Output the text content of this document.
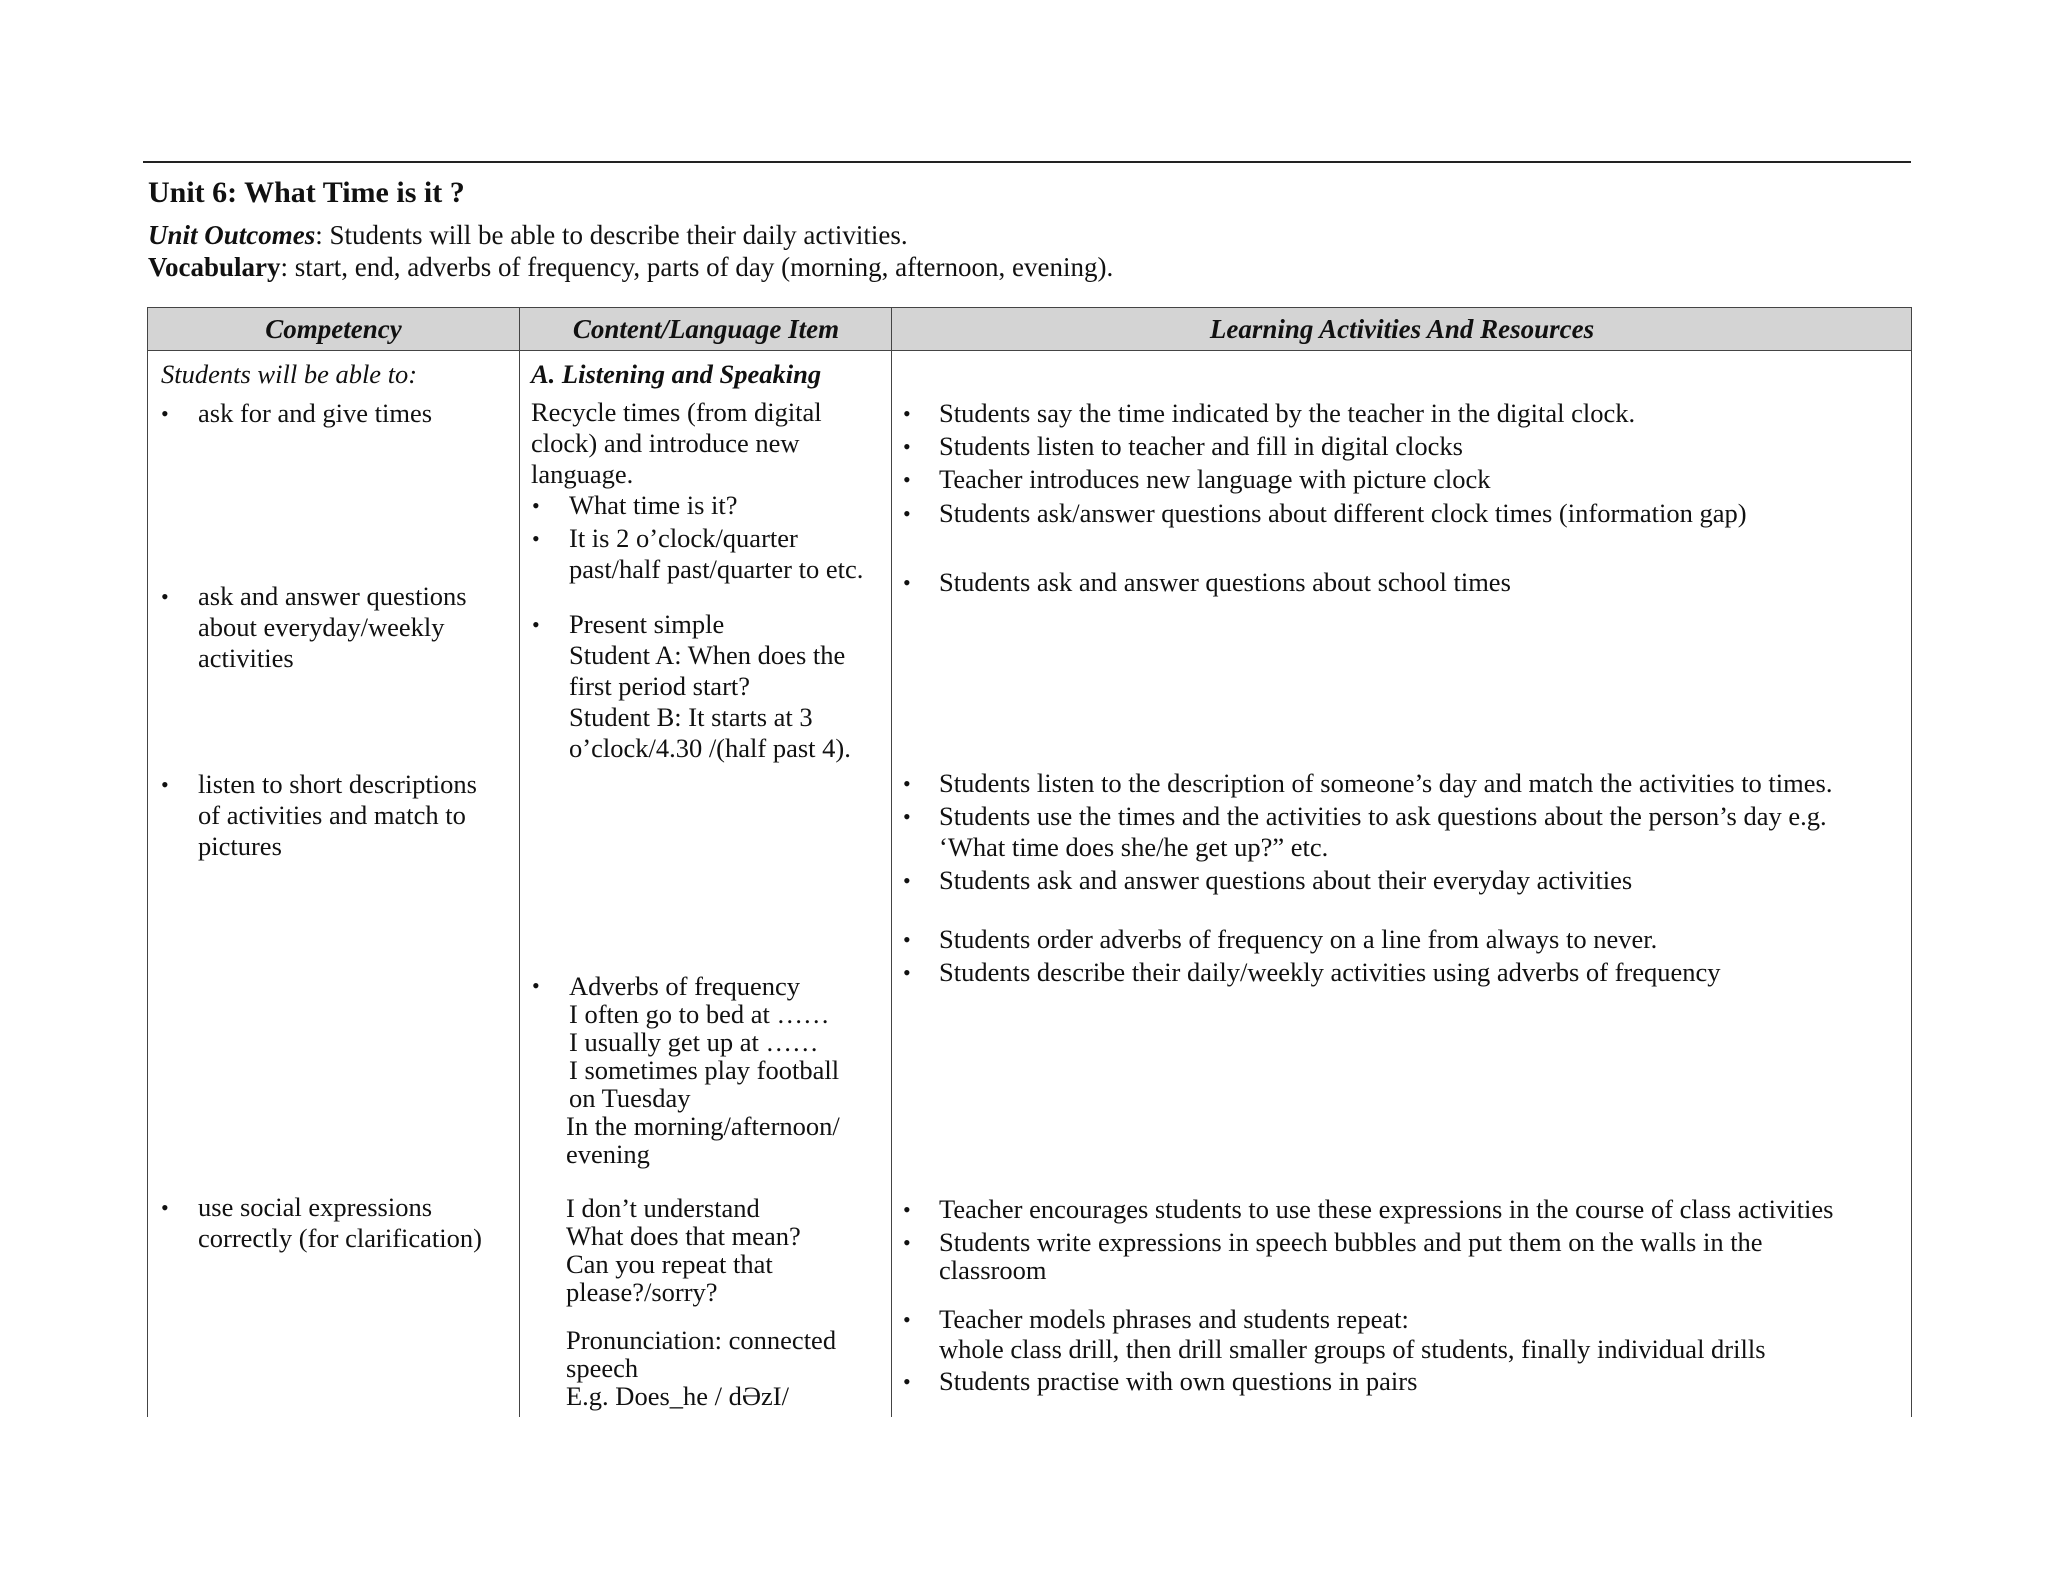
Unit 6: What Time is it ?
Unit Outcomes: Students will be able to describe their daily activities.
Vocabulary: start, end, adverbs of frequency, parts of day (morning, afternoon, evening).
Competency	Content/Language Item	Learning Activities And Resources
Students will be able to:
• ask for and give times
• ask and answer questions
about everyday/weekly
activities
• listen to short descriptions
of activities and match to
pictures
• use social expressions
correctly (for clarification)
A. Listening and Speaking
Recycle times (from digital
clock) and introduce new
language.
• What time is it?
• It is 2 o’clock/quarter
past/half past/quarter to etc.
• Present simple
Student A: When does the
first period start?
Student B: It starts at 3
o’clock/4.30 /(half past 4).
• Adverbs of frequency
I often go to bed at ……
I usually get up at ……
I sometimes play football
on Tuesday
In the morning/afternoon/
evening
I don’t understand
What does that mean?
Can you repeat that
please?/sorry?
Pronunciation: connected
speech
E.g. Does_he / dƏzI/
• Students say the time indicated by the teacher in the digital clock.
• Students listen to teacher and fill in digital clocks
• Teacher introduces new language with picture clock
• Students ask/answer questions about different clock times (information gap)
• Students ask and answer questions about school times
• Students listen to the description of someone’s day and match the activities to times.
• Students use the times and the activities to ask questions about the person’s day e.g.
‘What time does she/he get up?” etc.
• Students ask and answer questions about their everyday activities
• Students order adverbs of frequency on a line from always to never.
• Students describe their daily/weekly activities using adverbs of frequency
• Teacher encourages students to use these expressions in the course of class activities
• Students write expressions in speech bubbles and put them on the walls in the
classroom
• Teacher models phrases and students repeat:
whole class drill, then drill smaller groups of students, finally individual drills
• Students practise with own questions in pairs
